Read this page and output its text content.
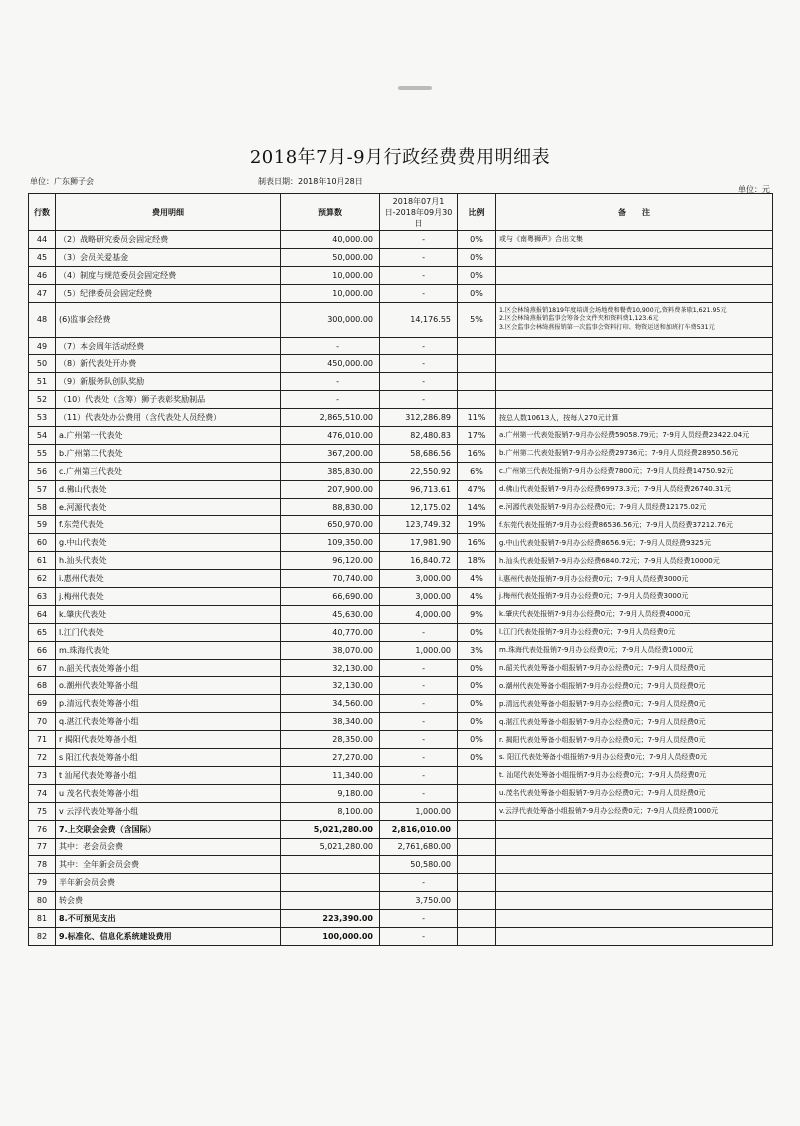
2018年7月-9月行政经费费用明细表
单位：广东狮子会	制表日期：2018年10月28日
单位：元
行数	费用明细	预算数	2018年07月1日-2018年09月30日	比例	备　　注
44	（2）战略研究委员会固定经费	40,000.00	-	0%	或与《南粤狮声》合出文集
45	（3）会员关爱基金	50,000.00	-	0%	
46	（4）制度与规范委员会固定经费	10,000.00	-	0%	
47	（5）纪律委员会固定经费	10,000.00	-	0%	
48	(6)监事会经费	300,000.00	14,176.55	5%	1.区会林绮燕报销1819年度培训会场地费和餐费10,900元,资料费茶歇1,621.95元
2.区会林绮燕报销监事会筹备会文件夹和资料费1,123.6元
3.区会监事会林绮燕报销第一次监事会资料打印、物资运送和加班打车费531元

49	（7）本会周年活动经费	-	-		
50	（8）新代表处开办费	450,000.00	-		
51	（9）新服务队创队奖励	-	-		
52	（10）代表处（含筹）狮子表彰奖励制品	-	-		
53	（11）代表处办公费用（含代表处人员经费）	2,865,510.00	312,286.89	11%	按总人数10613人，按每人270元计算
54	a.广州第一代表处	476,010.00	82,480.83	17%	a.广州第一代表处报销7-9月办公经费59058.79元；7-9月人员经费23422.04元
55	b.广州第二代表处	367,200.00	58,686.56	16%	b.广州第二代表处报销7-9月办公经费29736元；7-9月人员经费28950.56元
56	c.广州第三代表处	385,830.00	22,550.92	6%	c.广州第三代表处报销7-9月办公经费7800元；7-9月人员经费14750.92元
57	d.佛山代表处	207,900.00	96,713.61	47%	d.佛山代表处报销7-9月办公经费69973.3元；7-9月人员经费26740.31元
58	e.河源代表处	88,830.00	12,175.02	14%	e.河源代表处报销7-9月办公经费0元；7-9月人员经费12175.02元
59	f.东莞代表处	650,970.00	123,749.32	19%	f.东莞代表处报销7-9月办公经费86536.56元；7-9月人员经费37212.76元
60	g.中山代表处	109,350.00	17,981.90	16%	g.中山代表处报销7-9月办公经费8656.9元；7-9月人员经费9325元
61	h.汕头代表处	96,120.00	16,840.72	18%	h.汕头代表处报销7-9月办公经费6840.72元；7-9月人员经费10000元
62	i.惠州代表处	70,740.00	3,000.00	4%	i.惠州代表处报销7-9月办公经费0元；7-9月人员经费3000元
63	j.梅州代表处	66,690.00	3,000.00	4%	j.梅州代表处报销7-9月办公经费0元；7-9月人员经费3000元
64	k.肇庆代表处	45,630.00	4,000.00	9%	k.肇庆代表处报销7-9月办公经费0元；7-9月人员经费4000元
65	l.江门代表处	40,770.00	-	0%	l.江门代表处报销7-9月办公经费0元；7-9月人员经费0元
66	m.珠海代表处	38,070.00	1,000.00	3%	m.珠海代表处报销7-9月办公经费0元；7-9月人员经费1000元
67	n.韶关代表处筹备小组	32,130.00	-	0%	n.韶关代表处筹备小组报销7-9月办公经费0元；7-9月人员经费0元
68	o.潮州代表处筹备小组	32,130.00	-	0%	o.潮州代表处筹备小组报销7-9月办公经费0元；7-9月人员经费0元
69	p.清远代表处筹备小组	34,560.00	-	0%	p.清远代表处筹备小组报销7-9月办公经费0元；7-9月人员经费0元
70	q.湛江代表处筹备小组	38,340.00	-	0%	q.湛江代表处筹备小组报销7-9月办公经费0元；7-9月人员经费0元
71	r 揭阳代表处筹备小组	28,350.00	-	0%	r. 揭阳代表处筹备小组报销7-9月办公经费0元；7-9月人员经费0元
72	s 阳江代表处筹备小组	27,270.00	-	0%	s. 阳江代表处筹备小组报销7-9月办公经费0元；7-9月人员经费0元
73	t 汕尾代表处筹备小组	11,340.00	-		t. 汕尾代表处筹备小组报销7-9月办公经费0元；7-9月人员经费0元
74	u 茂名代表处筹备小组	9,180.00	-		u.茂名代表处筹备小组报销7-9月办公经费0元；7-9月人员经费0元
75	v 云浮代表处筹备小组	8,100.00	1,000.00		v.云浮代表处筹备小组报销7-9月办公经费0元；7-9月人员经费1000元
76	7.上交联会会费（含国际）	5,021,280.00	2,816,010.00		
77	其中：老会员会费	5,021,280.00	2,761,680.00		
78	其中：全年新会员会费		50,580.00		
79	半年新会员会费		-		
80	转会费		3,750.00		
81	8.不可预见支出	223,390.00	-		
82	9.标准化、信息化系统建设费用	100,000.00	-		
